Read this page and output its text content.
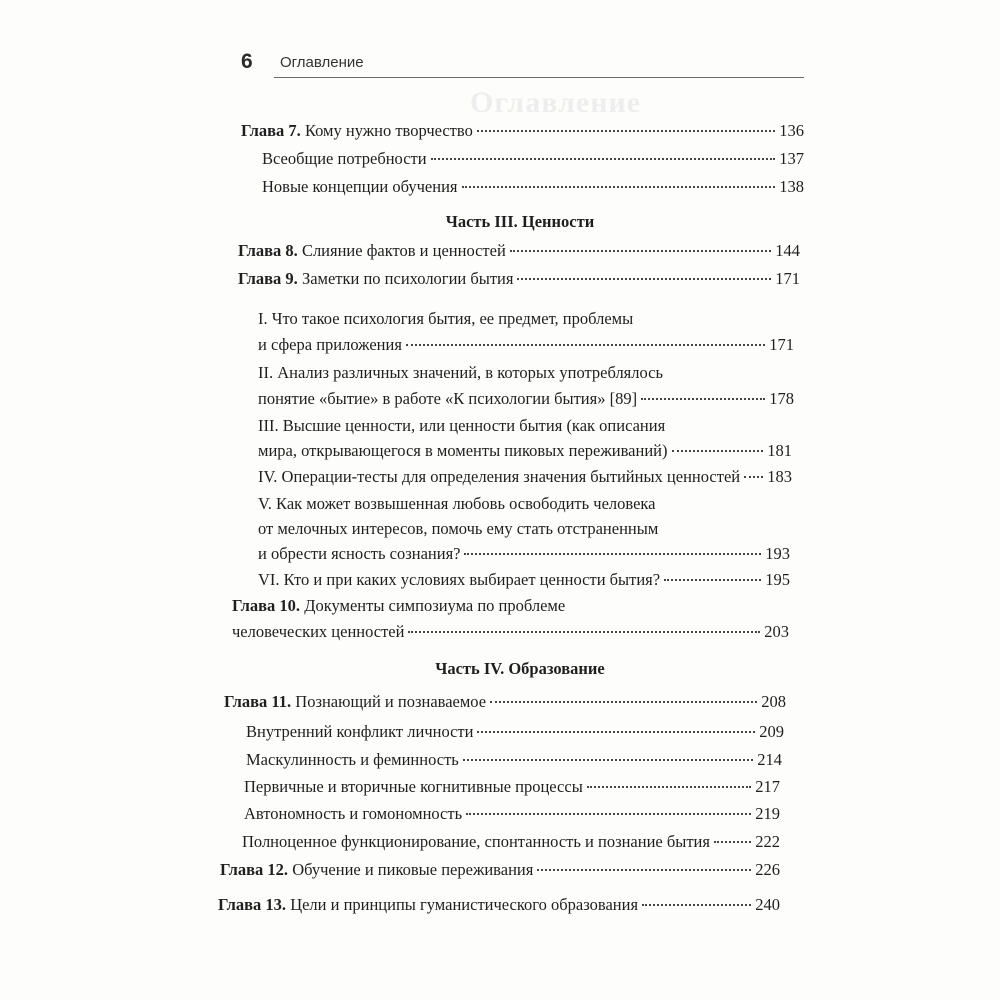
Оглавление
6 Оглавление
Глава 7. Кому нужно творчество	136
Всеобщие потребности	137
Новые концепции обучения	138
Часть III. Ценности
Глава 8. Слияние фактов и ценностей	144
Глава 9. Заметки по психологии бытия	171
I. Что такое психология бытия, ее предмет, проблемы
и сфера приложения	171
II. Анализ различных значений, в которых употреблялось
понятие «бытие» в работе «К психологии бытия» [89]	178
III. Высшие ценности, или ценности бытия (как описания
мира, открывающегося в моменты пиковых переживаний)	181
IV. Операции-тесты для определения значения бытийных ценностей 183
V. Как может возвышенная любовь освободить человека
от мелочных интересов, помочь ему стать отстраненным
и обрести ясность сознания?	193
VI. Кто и при каких условиях выбирает ценности бытия?	195
Глава 10. Документы симпозиума по проблеме
человеческих ценностей	203
Часть IV. Образование
Глава 11. Познающий и познаваемое	208
Внутренний конфликт личности	209
Маскулинность и феминность	214
Первичные и вторичные когнитивные процессы	217
Автономность и гомономность	219
Полноценное функционирование, спонтанность и познание бытия	222
Глава 12. Обучение и пиковые переживания	226
Глава 13. Цели и принципы гуманистического образования	240
